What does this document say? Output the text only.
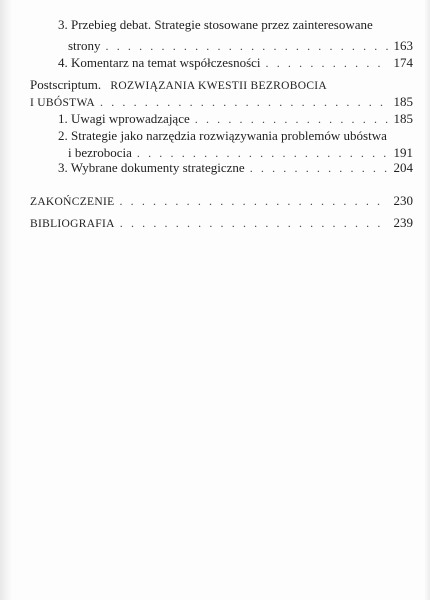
3. Przebieg debat. Strategie stosowane przez zainteresowane
strony . . .	163
4. Komentarz na temat współczesności . . .	174
Postscriptum. ROZWIĄZANIA KWESTII BEZROBOCIA
I UBÓSTWA . . .	185
1. Uwagi wprowadzające . . .	185
2. Strategie jako narzędzia rozwiązywania problemów ubóstwa
i bezrobocia . . .	191
3. Wybrane dokumenty strategiczne . . .	204
ZAKOŃCZENIE . . .	230
BIBLIOGRAFIA . . .	239
